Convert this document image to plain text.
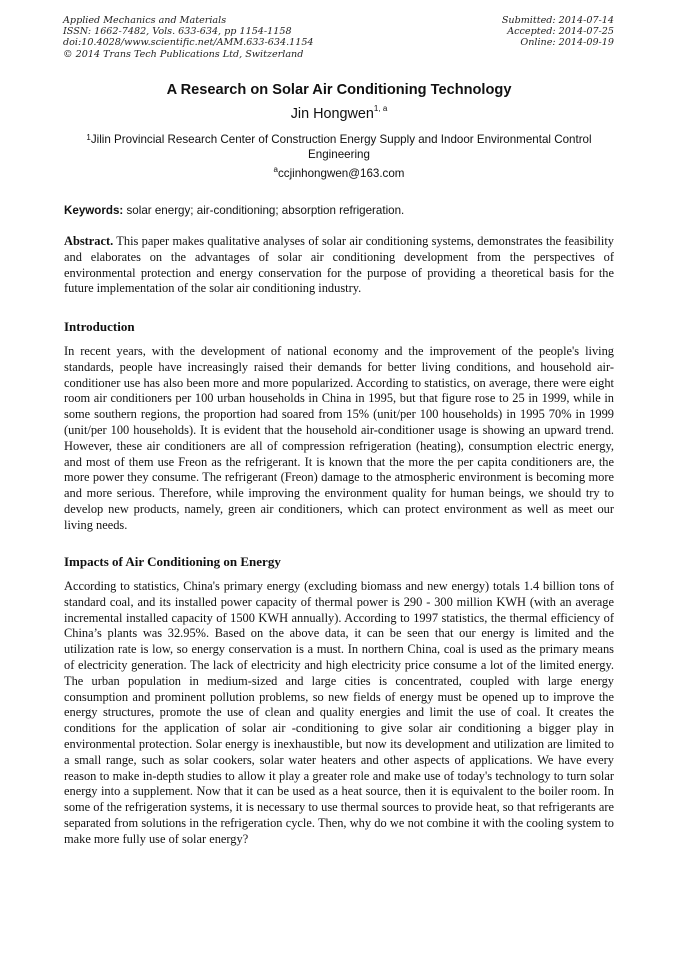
Applied Mechanics and Materials
ISSN: 1662-7482, Vols. 633-634, pp 1154-1158
doi:10.4028/www.scientific.net/AMM.633-634.1154
© 2014 Trans Tech Publications Ltd, Switzerland
Submitted: 2014-07-14
Accepted: 2014-07-25
Online: 2014-09-19
A Research on Solar Air Conditioning Technology
Jin Hongwen$^{1, a}$
$^1$Jilin Provincial Research Center of Construction Energy Supply and Indoor Environmental Control Engineering
$^a$ccjinhongwen@163.com
Keywords: solar energy; air-conditioning; absorption refrigeration.
Abstract. This paper makes qualitative analyses of solar air conditioning systems, demonstrates the feasibility and elaborates on the advantages of solar air conditioning development from the perspectives of environmental protection and energy conservation for the purpose of providing a theoretical basis for the future implementation of the solar air conditioning industry.
Introduction
In recent years, with the development of national economy and the improvement of the people's living standards, people have increasingly raised their demands for better living conditions, and household air-conditioner use has also been more and more popularized. According to statistics, on average, there were eight room air conditioners per 100 urban households in China in 1995, but that figure rose to 25 in 1999, while in some southern regions, the proportion had soared from 15% (unit/per 100 households) in 1995 70% in 1999 (unit/per 100 households). It is evident that the household air-conditioner usage is showing an upward trend. However, these air conditioners are all of compression refrigeration (heating), consumption electric energy, and most of them use Freon as the refrigerant. It is known that the more the per capita conditioners are, the more power they consume. The refrigerant (Freon) damage to the atmospheric environment is becoming more and more serious. Therefore, while improving the environment quality for human beings, we should try to develop new products, namely, green air conditioners, which can protect environment as well as meet our living needs.
Impacts of Air Conditioning on Energy
According to statistics, China's primary energy (excluding biomass and new energy) totals 1.4 billion tons of standard coal, and its installed power capacity of thermal power is 290 - 300 million KWH (with an average incremental installed capacity of 1500 KWH annually). According to 1997 statistics, the thermal efficiency of China’s plants was 32.95%. Based on the above data, it can be seen that our energy is limited and the utilization rate is low, so energy conservation is a must. In northern China, coal is used as the primary means of electricity generation. The lack of electricity and high electricity price consume a lot of the limited energy. The urban population in medium-sized and large cities is concentrated, coupled with large energy consumption and prominent pollution problems, so new fields of energy must be opened up to improve the energy structures, promote the use of clean and quality energies and limit the use of coal. It creates the conditions for the application of solar air -conditioning to give solar air conditioning a bigger play in environmental protection. Solar energy is inexhaustible, but now its development and utilization are limited to a small range, such as solar cookers, solar water heaters and other aspects of applications. We have every reason to make in-depth studies to allow it play a greater role and make use of today's technology to turn solar energy into a supplement. Now that it can be used as a heat source, then it is equivalent to the boiler room. In some of the refrigeration systems, it is necessary to use thermal sources to provide heat, so that refrigerants are separated from solutions in the refrigeration cycle. Then, why do we not combine it with the cooling system to make more fully use of solar energy?
